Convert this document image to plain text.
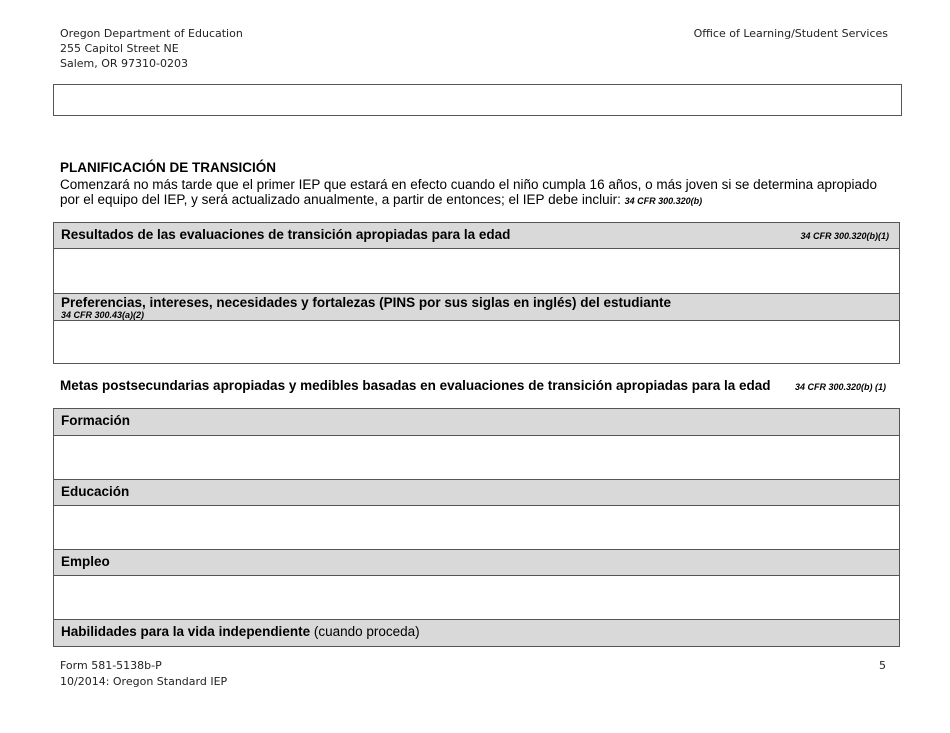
Oregon Department of Education
255 Capitol Street NE
Salem, OR 97310-0203
Office of Learning/Student Services
PLANIFICACIÓN DE TRANSICIÓN
Comenzará no más tarde que el primer IEP que estará en efecto cuando el niño cumpla 16 años, o más joven si se determina apropiado por el equipo del IEP, y será actualizado anualmente, a partir de entonces; el IEP debe incluir: 34 CFR 300.320(b)
Resultados de las evaluaciones de transición apropiadas para la edad	34 CFR 300.320(b)(1)
Preferencias, intereses, necesidades y fortalezas (PINS por sus siglas en inglés) del estudiante
34 CFR 300.43(a)(2)
Metas postsecundarias apropiadas y medibles basadas en evaluaciones de transición apropiadas para la edad	34 CFR 300.320(b) (1)
Formación
Educación
Empleo
Habilidades para la vida independiente (cuando proceda)
Form 581-5138b-P
10/2014: Oregon Standard IEP
5
